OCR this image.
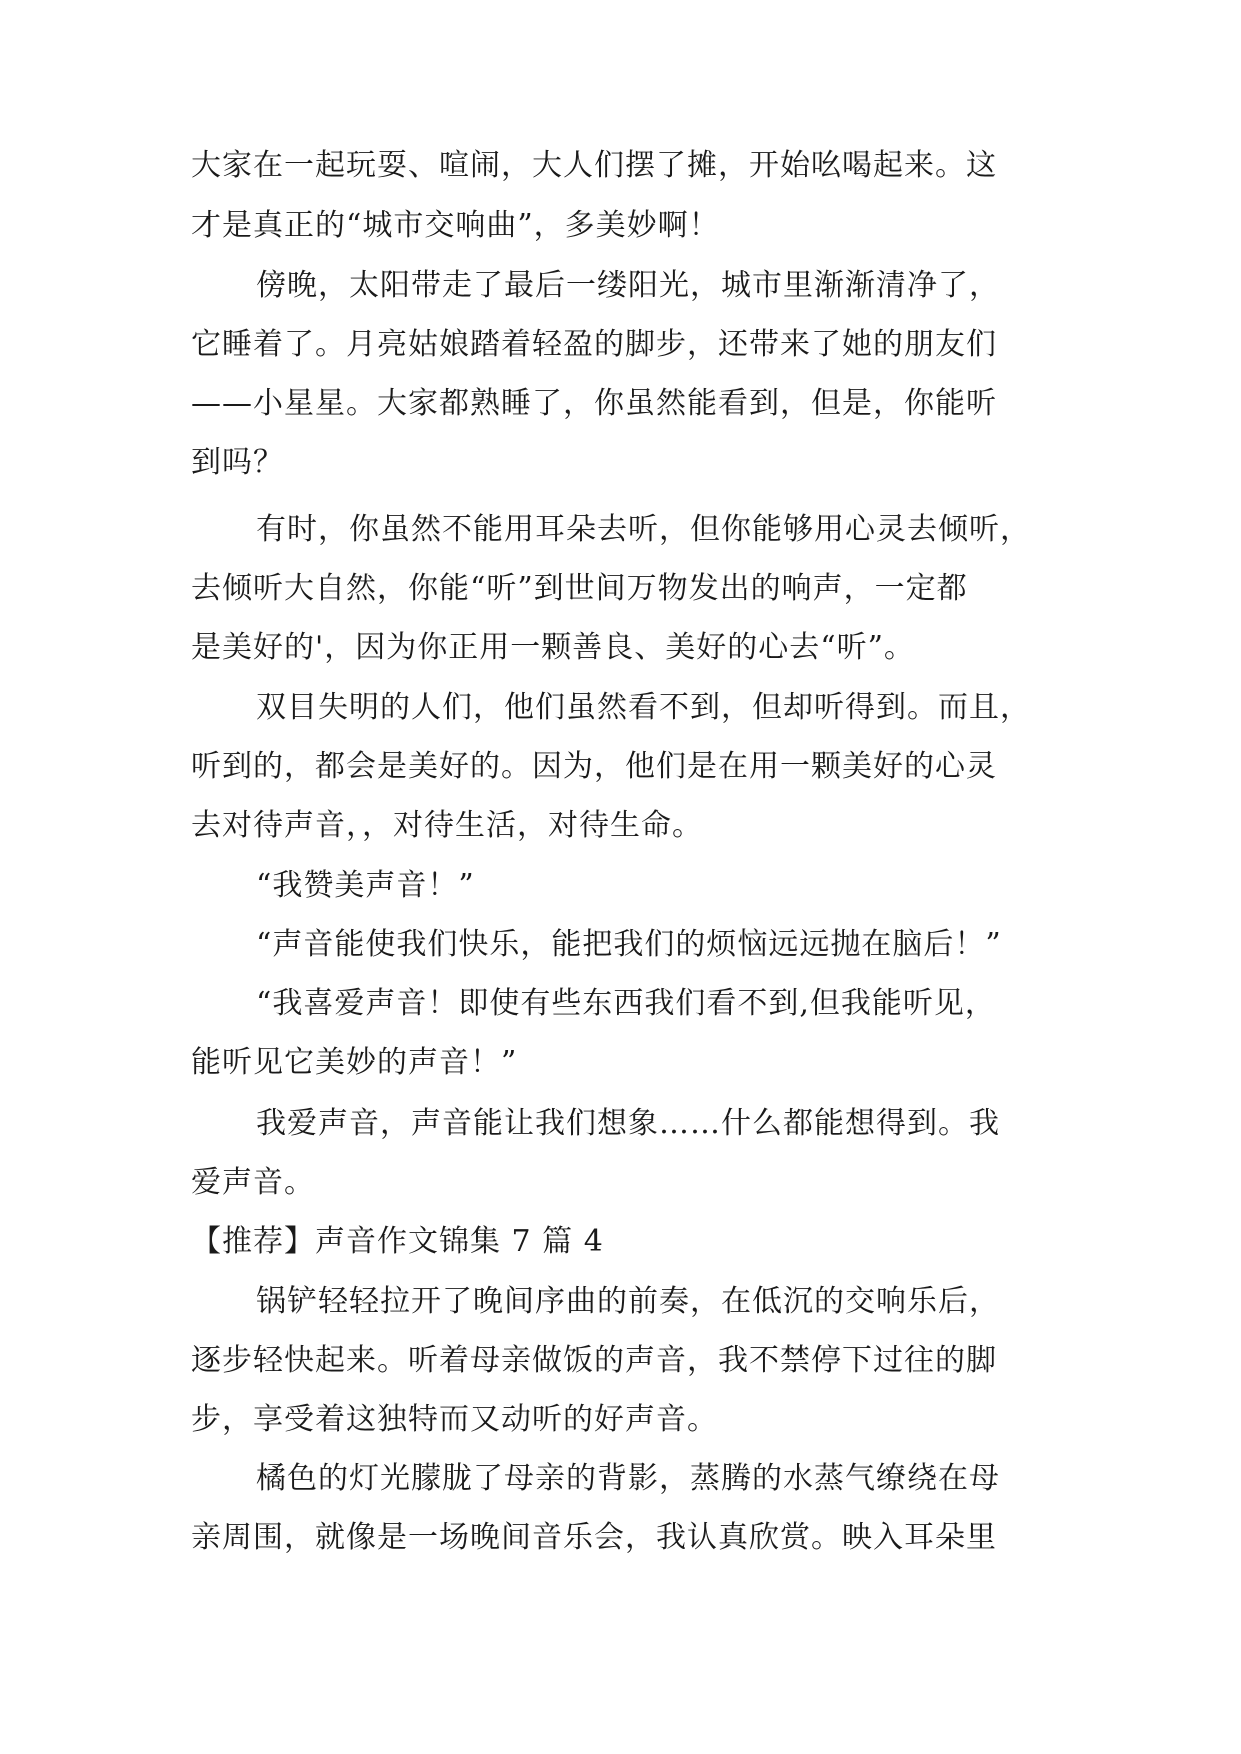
大家在一起玩耍、喧闹，大人们摆了摊，开始吆喝起来。这
才是真正的“城市交响曲”，多美妙啊！
傍晚，太阳带走了最后一缕阳光，城市里渐渐清净了，
它睡着了。月亮姑娘踏着轻盈的脚步，还带来了她的朋友们
——小星星。大家都熟睡了，你虽然能看到，但是，你能听
到吗？
有时，你虽然不能用耳朵去听，但你能够用心灵去倾听，
去倾听大自然，你能“听”到世间万物发出的响声，一定都
是美好的'，因为你正用一颗善良、美好的心去“听”。
双目失明的人们，他们虽然看不到，但却听得到。而且，
听到的，都会是美好的。因为，他们是在用一颗美好的心灵
去对待声音，，对待生活，对待生命。
“我赞美声音！”
“声音能使我们快乐，能把我们的烦恼远远抛在脑后！”
“我喜爱声音！即使有些东西我们看不到,但我能听见，
能听见它美妙的声音！”
我爱声音，声音能让我们想象……什么都能想得到。我
爱声音。
【推荐】声音作文锦集 7 篇 4
锅铲轻轻拉开了晚间序曲的前奏，在低沉的交响乐后，
逐步轻快起来。听着母亲做饭的声音，我不禁停下过往的脚
步，享受着这独特而又动听的好声音。
橘色的灯光朦胧了母亲的背影，蒸腾的水蒸气缭绕在母
亲周围，就像是一场晚间音乐会，我认真欣赏。映入耳朵里
